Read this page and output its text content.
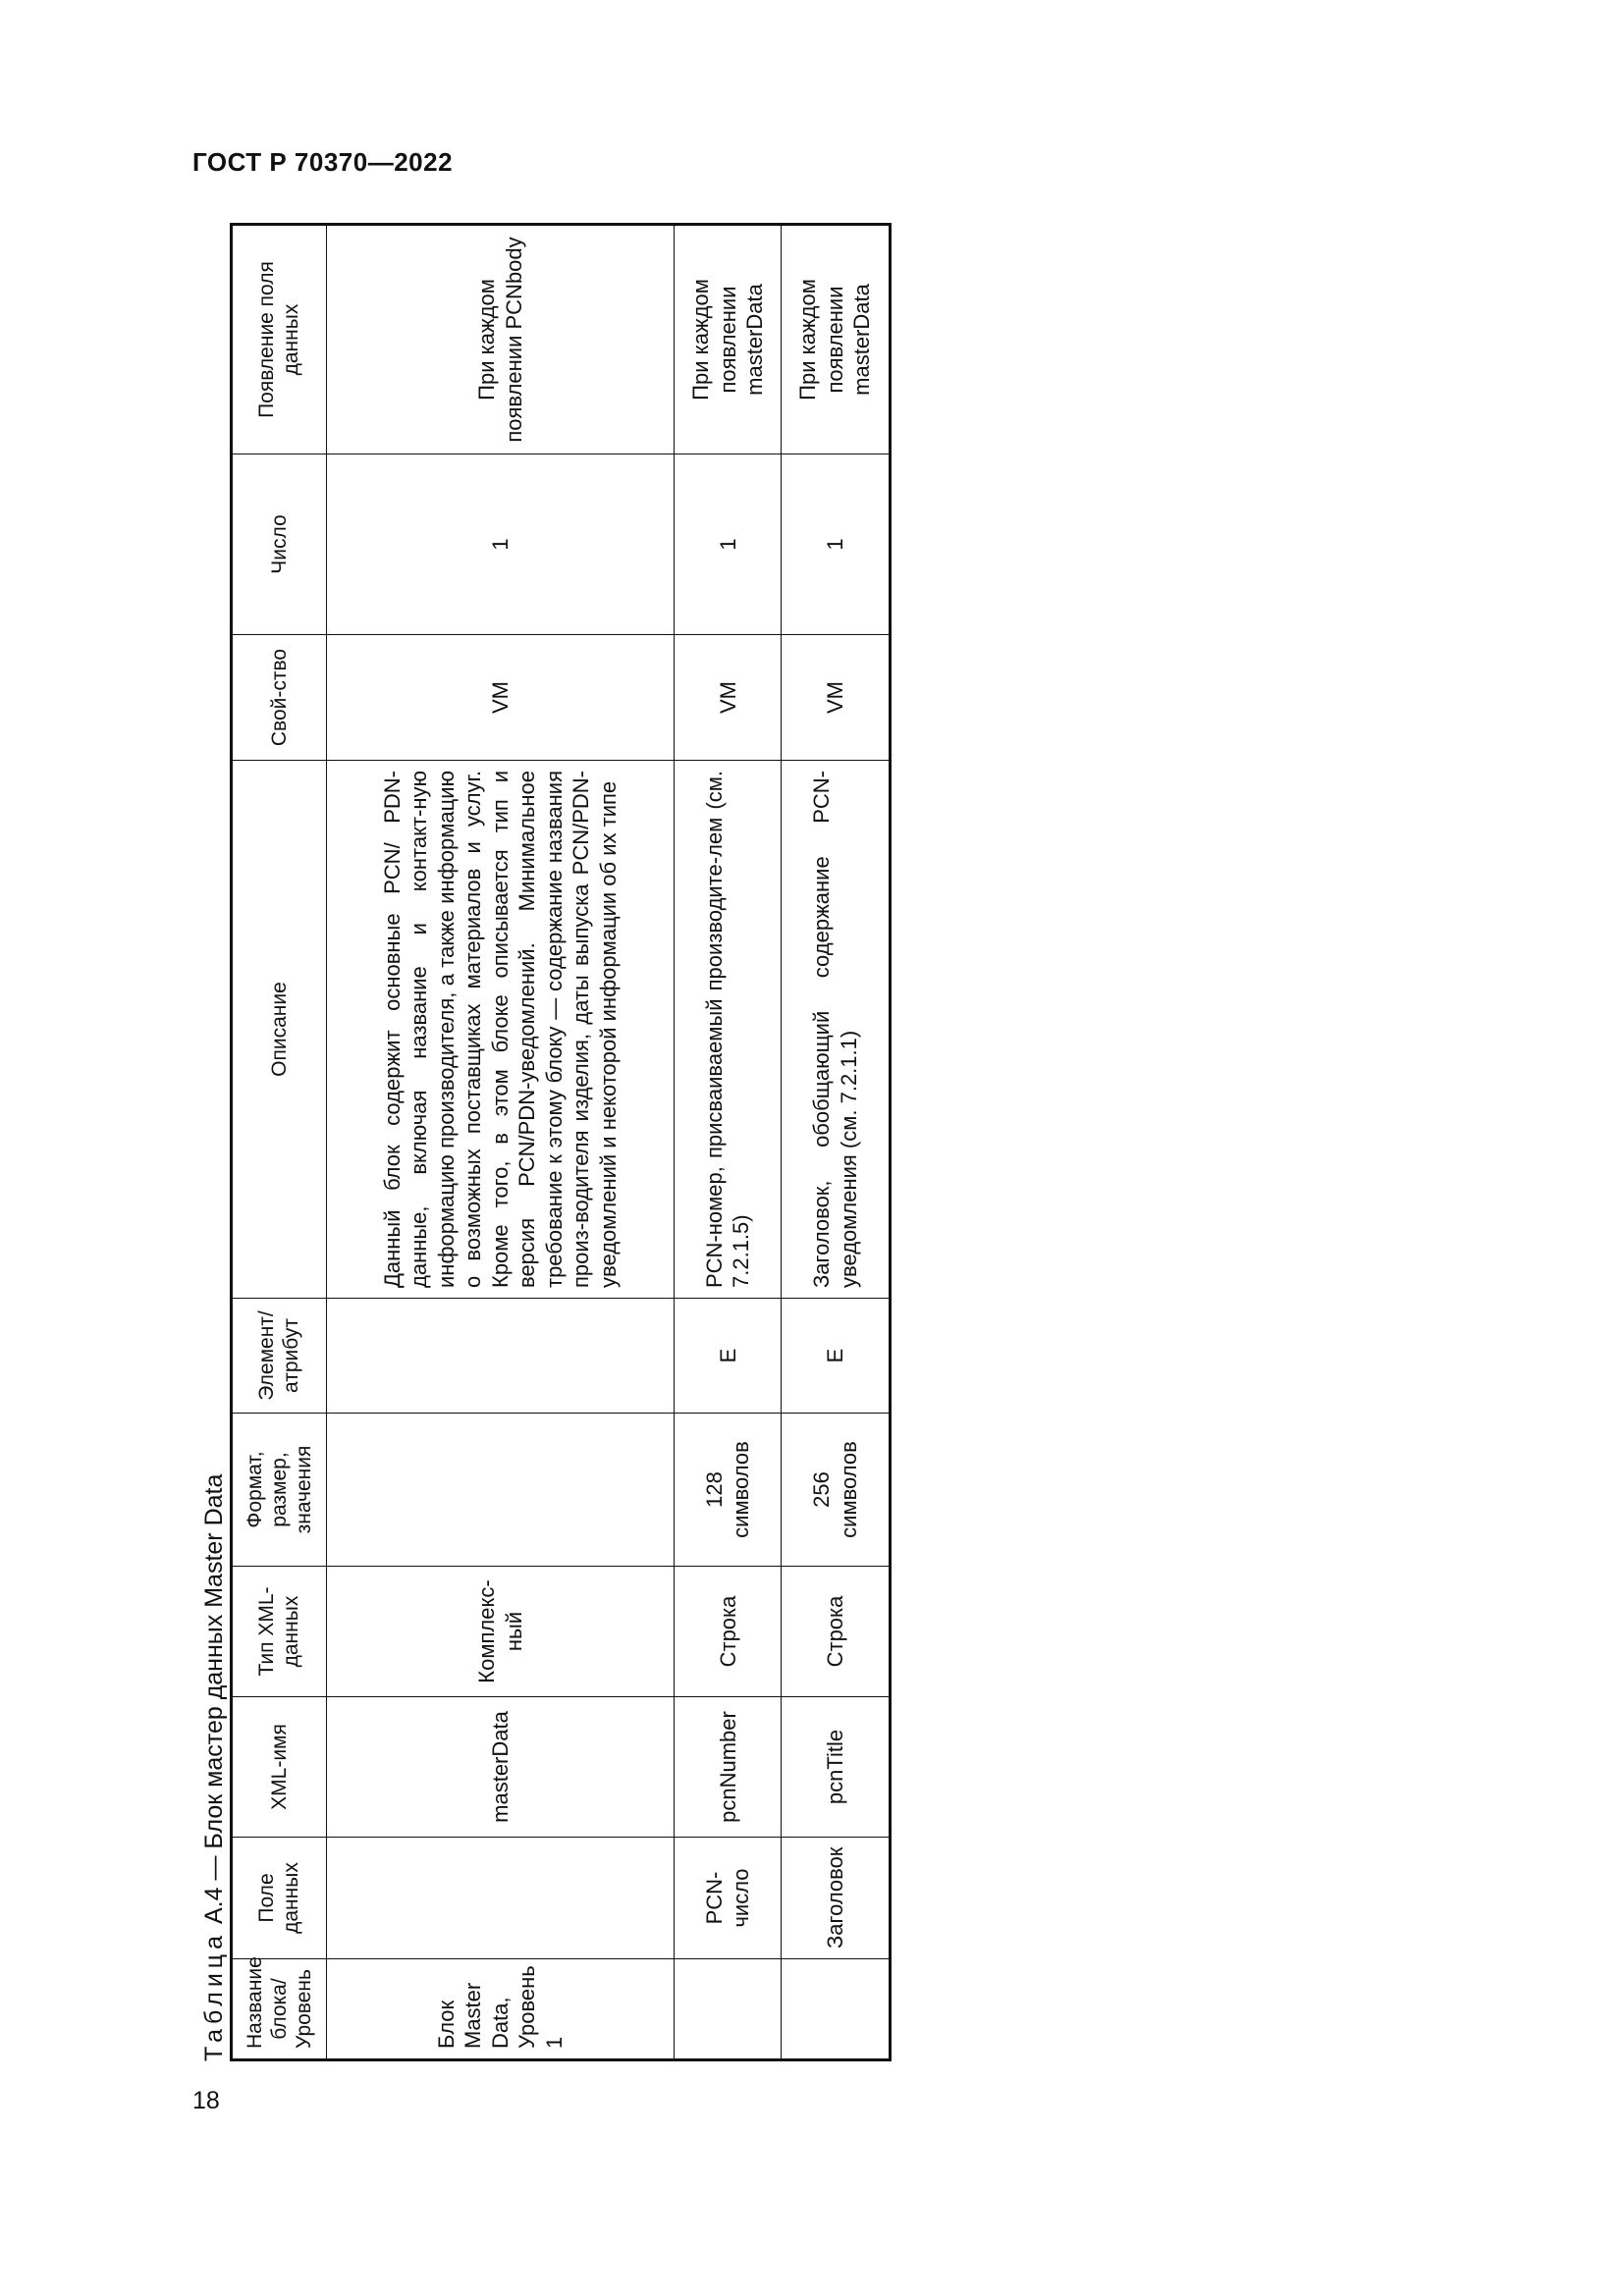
ГОСТ Р 70370—2022
Таблица А.4 — Блок мастер данных Master Data
Название блока/ Уровень	Поле данных	XML-имя	Тип XML-данных	Формат, размер, значения	Элемент/ атрибут	Описание	Свой-ство	Число	Появление поля данных
Блок Master Data, Уровень 1		masterData	Комплекс-ный			Данный блок содержит основные PCN/ PDN-данные, включая название и контакт-ную информацию производителя, а также информацию о возможных поставщиках материалов и услуг. Кроме того, в этом блоке описывается тип и версия PCN/PDN-уведомлений. Минимальное требование к этому блоку — содержание названия произ-водителя изделия, даты выпуска PCN/PDN-уведомлений и некоторой информации об их типе	VM	1	При каждом появлении PCNbody
	PCN-число	pcnNumber	Строка	128 символов	E	PCN-номер, присваиваемый производите-лем (см. 7.2.1.5)	VM	1	При каждом появлении masterData
	Заголовок	pcnTitle	Строка	256 символов	E	Заголовок, обобщающий содержание PCN-уведомления (см. 7.2.1.1)	VM	1	При каждом появлении masterData
18
